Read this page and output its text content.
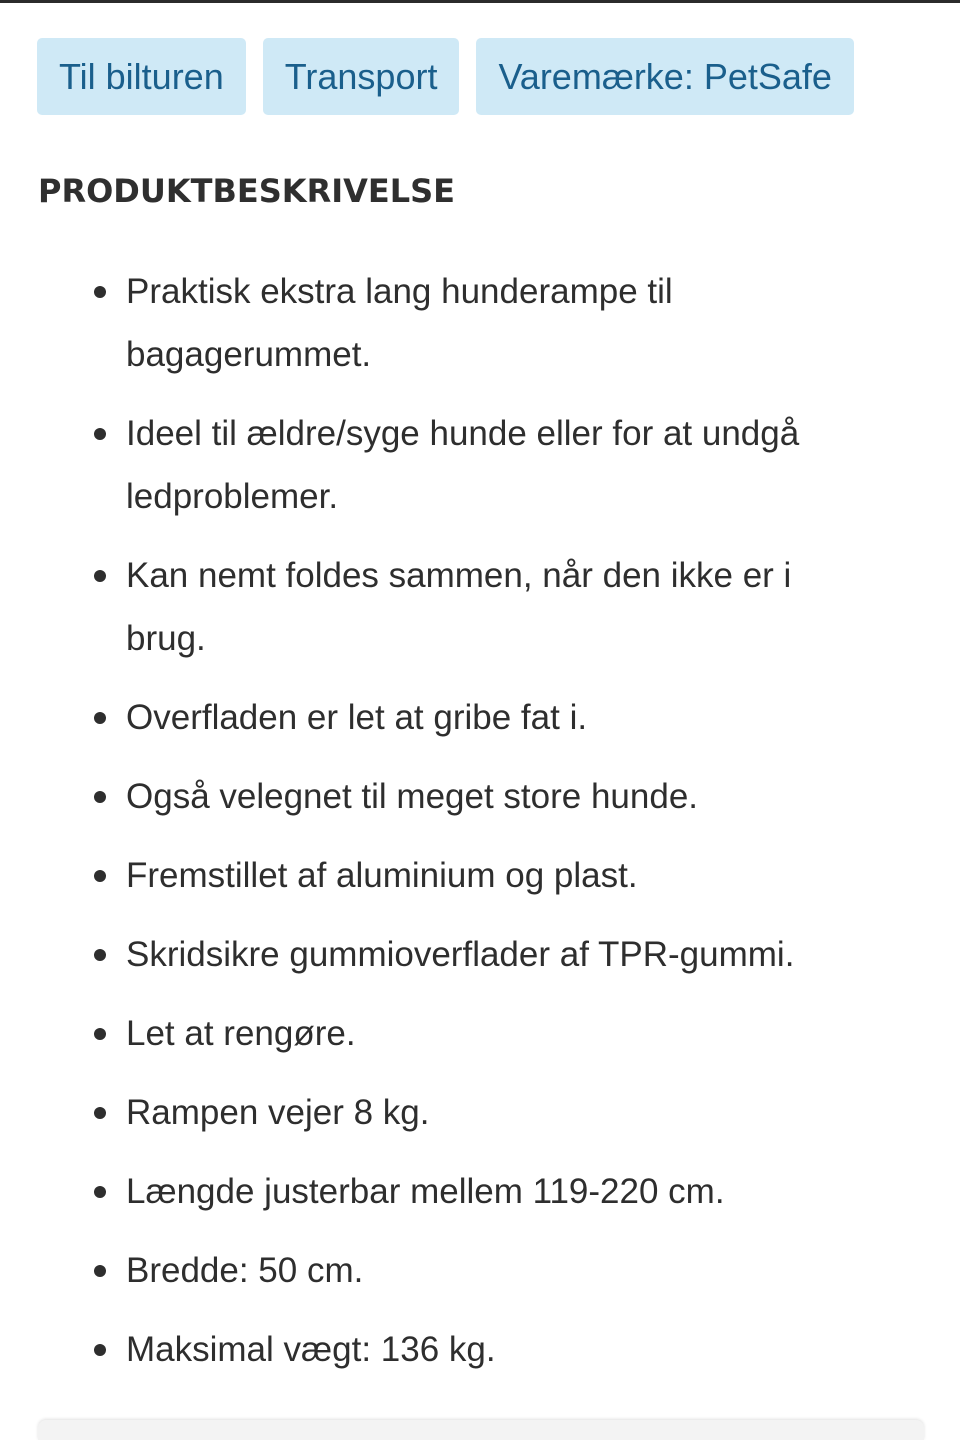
Til bilturen	Transport	Varemærke: PetSafe
PRODUKTBESKRIVELSE
Praktisk ekstra lang hunderampe til bagagerummet.
Ideel til ældre/syge hunde eller for at undgå ledproblemer.
Kan nemt foldes sammen, når den ikke er i brug.
Overfladen er let at gribe fat i.
Også velegnet til meget store hunde.
Fremstillet af aluminium og plast.
Skridsikre gummioverflader af TPR-gummi.
Let at rengøre.
Rampen vejer 8 kg.
Længde justerbar mellem 119-220 cm.
Bredde: 50 cm.
Maksimal vægt: 136 kg.
